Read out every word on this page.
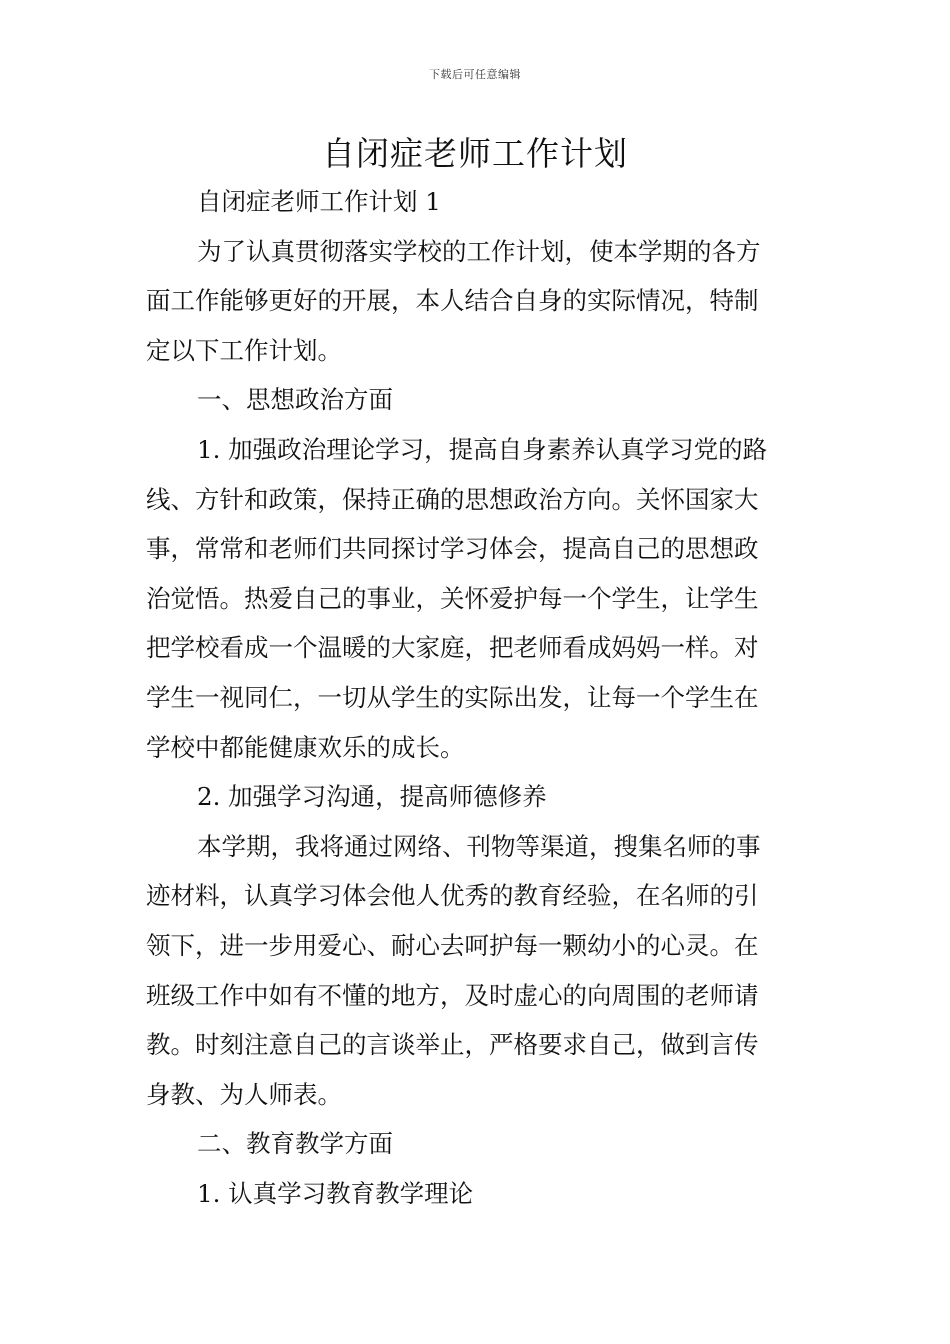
下载后可任意编辑
自闭症老师工作计划
自闭症老师工作计划 1
为了认真贯彻落实学校的工作计划，使本学期的各方
面工作能够更好的开展，本人结合自身的实际情况，特制
定以下工作计划。
一、思想政治方面
1. 加强政治理论学习，提高自身素养认真学习党的路
线、方针和政策，保持正确的思想政治方向。关怀国家大
事，常常和老师们共同探讨学习体会，提高自己的思想政
治觉悟。热爱自己的事业，关怀爱护每一个学生，让学生
把学校看成一个温暖的大家庭，把老师看成妈妈一样。对
学生一视同仁，一切从学生的实际出发，让每一个学生在
学校中都能健康欢乐的成长。
2. 加强学习沟通，提高师德修养
本学期，我将通过网络、刊物等渠道，搜集名师的事
迹材料，认真学习体会他人优秀的教育经验，在名师的引
领下，进一步用爱心、耐心去呵护每一颗幼小的心灵。在
班级工作中如有不懂的地方，及时虚心的向周围的老师请
教。时刻注意自己的言谈举止，严格要求自己，做到言传
身教、为人师表。
二、教育教学方面
1. 认真学习教育教学理论
